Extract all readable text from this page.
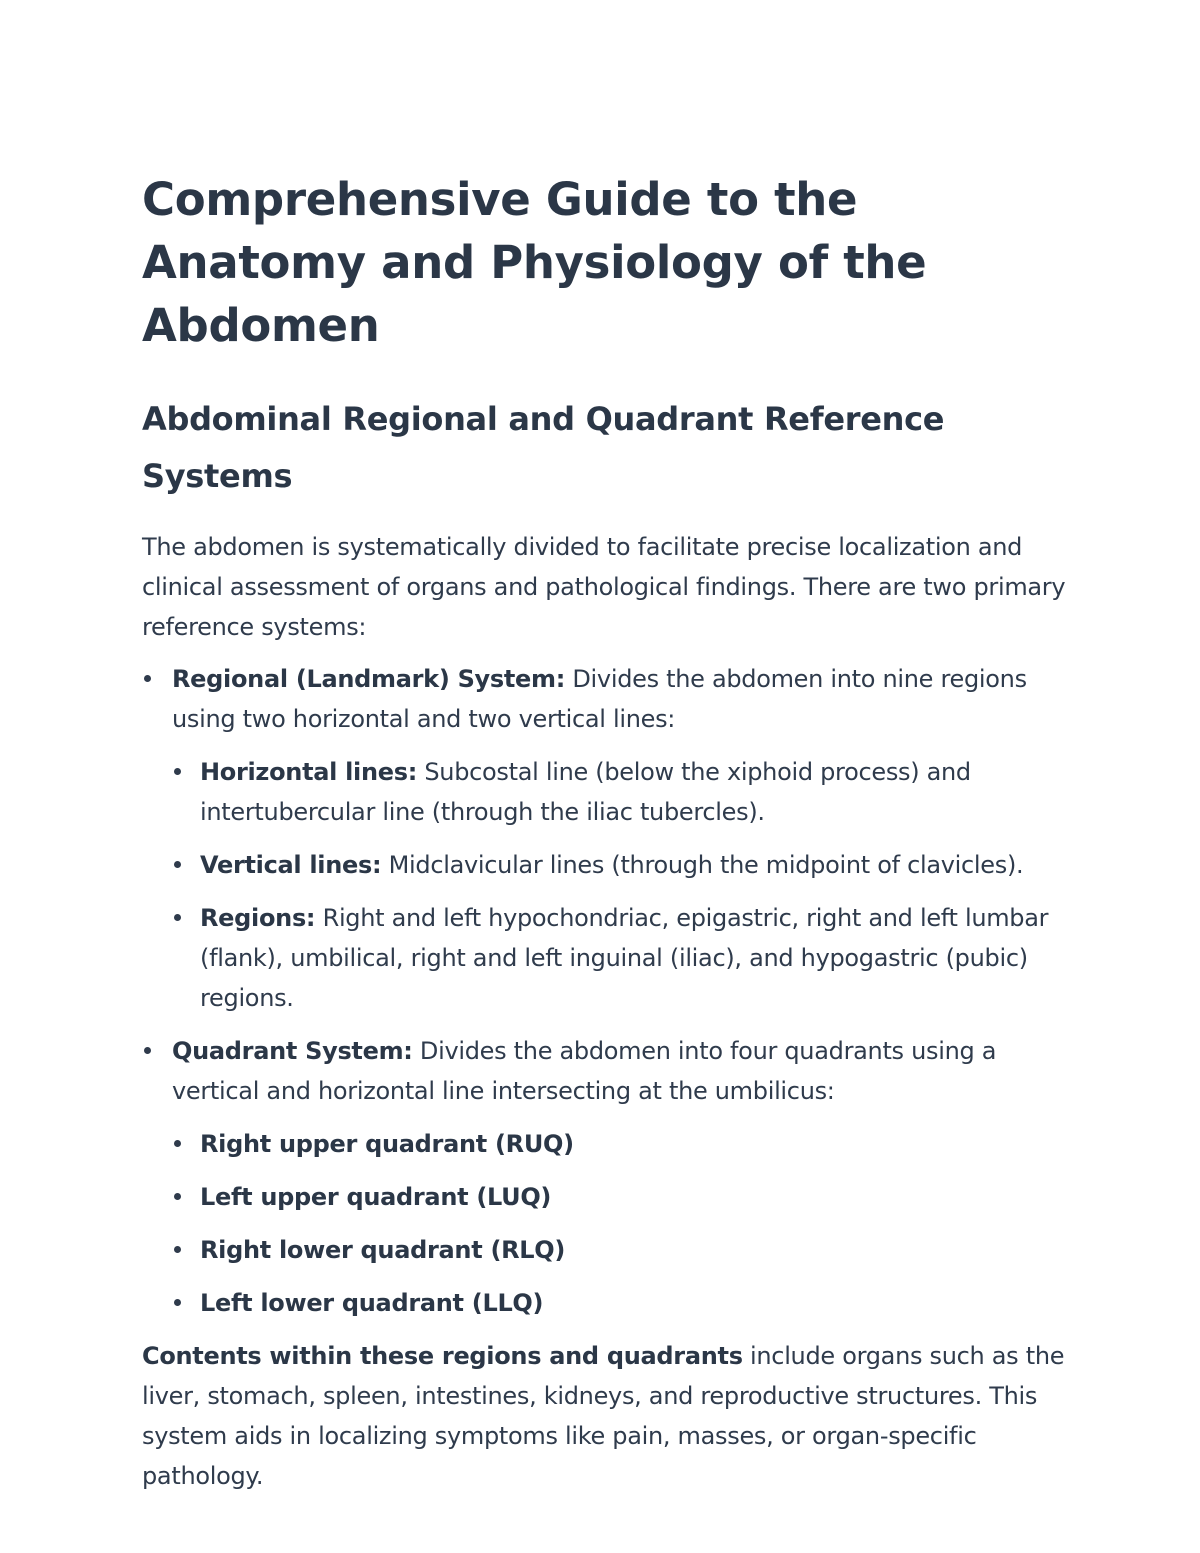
Comprehensive Guide to the Anatomy and Physiology of the Abdomen
Abdominal Regional and Quadrant Reference Systems

The abdomen is systematically divided to facilitate precise localization and clinical assessment of organs and pathological findings. There are two primary reference systems:

Regional (Landmark) System: Divides the abdomen into nine regions using two horizontal and two vertical lines:
Horizontal lines: Subcostal line (below the xiphoid process) and intertubercular line (through the iliac tubercles).
Vertical lines: Midclavicular lines (through the midpoint of clavicles).
Regions: Right and left hypochondriac, epigastric, right and left lumbar (flank), umbilical, right and left inguinal (iliac), and hypogastric (pubic) regions.
Quadrant System: Divides the abdomen into four quadrants using a vertical and horizontal line intersecting at the umbilicus:
Right upper quadrant (RUQ)
Left upper quadrant (LUQ)
Right lower quadrant (RLQ)
Left lower quadrant (LLQ)

Contents within these regions and quadrants include organs such as the liver, stomach, spleen, intestines, kidneys, and reproductive structures. This system aids in localizing symptoms like pain, masses, or organ-specific pathology.
